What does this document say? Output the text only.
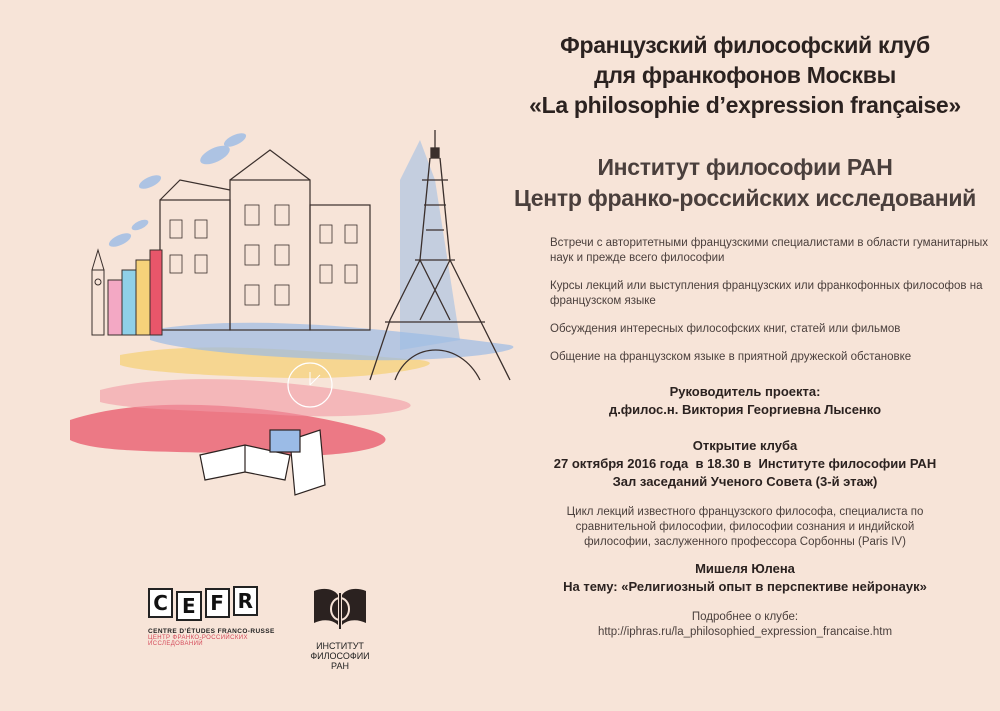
Французский философский клуб

для франкофонов Москвы

«La philosophie d’expression française»

Институт философии РАН

Центр франко-российских исследований

Встречи с авторитетными французскими специалистами в области гуманитарных наук и прежде всего философии
Курсы лекций или выступления французских или франкофонных философов на французском языке
Обсуждения интересных философских книг, статей или фильмов
Общение на французском языке в приятной дружеской обстановке

Руководитель проекта:

д.филос.н. Виктория Георгиевна Лысенко

Открытие клуба

27 октября 2016 года  в 18.30 в  Институте философии РАН

Зал заседаний Ученого Совета (3-й этаж)

Цикл лекций известного французского философа, специалиста по

сравнительной философии, философии сознания и индийской

философии, заслуженного профессора Сорбонны (Paris IV)

Мишеля Юлена

На тему: «Религиозный опыт в перспективе нейронаук»

Подробнее о клубе:

http://iphras.ru/la_philosophied_expression_francaise.htm

C E F R
CENTRE D’ÉTUDES FRANCO-RUSSE
ЦЕНТР ФРАНКО-РОССИЙСКИХ
ИССЛЕДОВАНИЙ	ИНСТИТУТ
ФИЛОСОФИИ
РАН
